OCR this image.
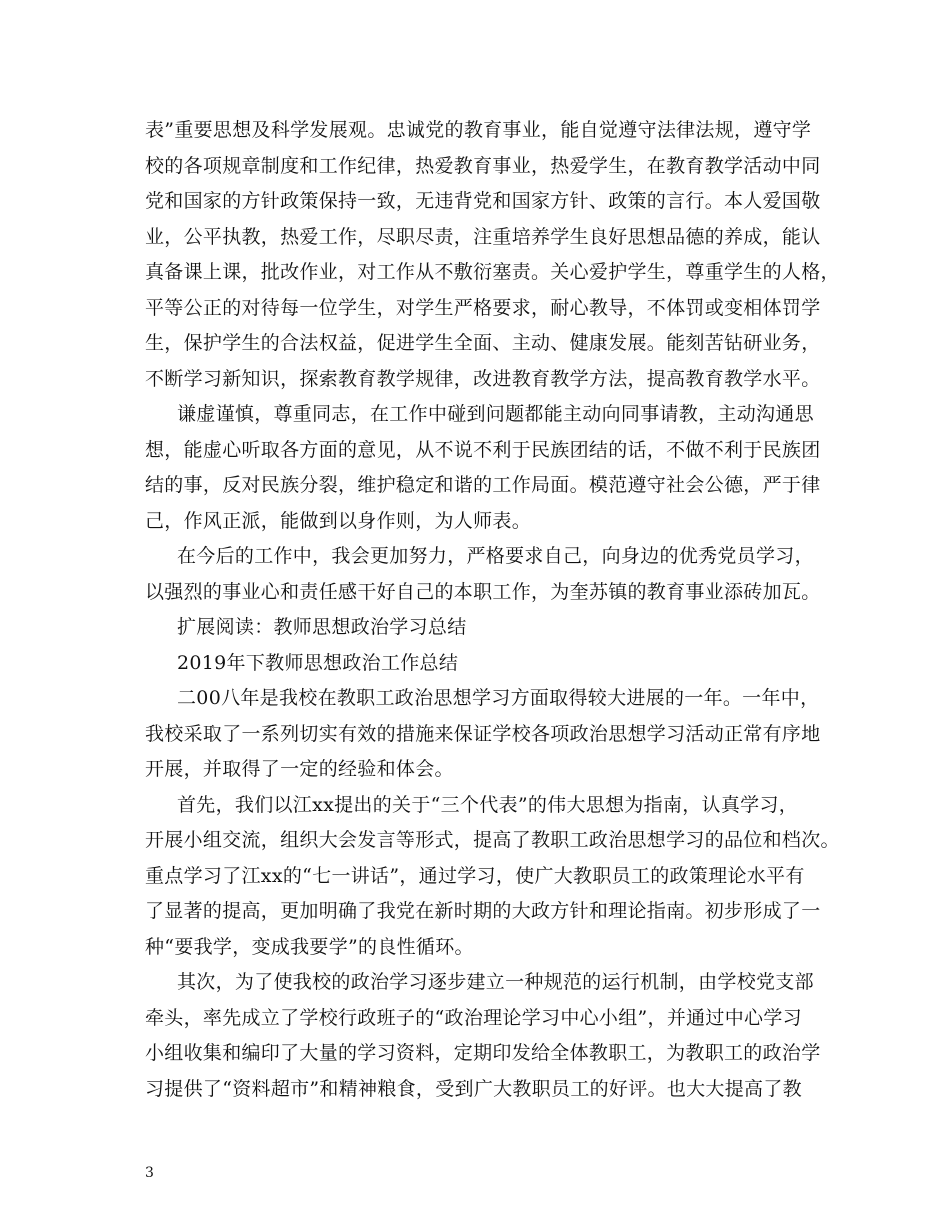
表”重要思想及科学发展观。忠诚党的教育事业，能自觉遵守法律法规，遵守学
校的各项规章制度和工作纪律，热爱教育事业，热爱学生，在教育教学活动中同
党和国家的方针政策保持一致，无违背党和国家方针、政策的言行。本人爱国敬
业，公平执教，热爱工作，尽职尽责，注重培养学生良好思想品德的养成，能认
真备课上课，批改作业，对工作从不敷衍塞责。关心爱护学生，尊重学生的人格，
平等公正的对待每一位学生，对学生严格要求，耐心教导，不体罚或变相体罚学
生，保护学生的合法权益，促进学生全面、主动、健康发展。能刻苦钻研业务，
不断学习新知识，探索教育教学规律，改进教育教学方法，提高教育教学水平。
谦虚谨慎，尊重同志，在工作中碰到问题都能主动向同事请教，主动沟通思
想，能虚心听取各方面的意见，从不说不利于民族团结的话，不做不利于民族团
结的事，反对民族分裂，维护稳定和谐的工作局面。模范遵守社会公德，严于律
己，作风正派，能做到以身作则，为人师表。
在今后的工作中，我会更加努力，严格要求自己，向身边的优秀党员学习，
以强烈的事业心和责任感干好自己的本职工作，为奎苏镇的教育事业添砖加瓦。
扩展阅读：教师思想政治学习总结
2019年下教师思想政治工作总结
二00八年是我校在教职工政治思想学习方面取得较大进展的一年。一年中，
我校采取了一系列切实有效的措施来保证学校各项政治思想学习活动正常有序地
开展，并取得了一定的经验和体会。
首先，我们以江xx提出的关于“三个代表”的伟大思想为指南，认真学习，
开展小组交流，组织大会发言等形式，提高了教职工政治思想学习的品位和档次。
重点学习了江xx的“七一讲话”，通过学习，使广大教职员工的政策理论水平有
了显著的提高，更加明确了我党在新时期的大政方针和理论指南。初步形成了一
种“要我学，变成我要学”的良性循环。
其次，为了使我校的政治学习逐步建立一种规范的运行机制，由学校党支部
牵头，率先成立了学校行政班子的“政治理论学习中心小组”，并通过中心学习
小组收集和编印了大量的学习资料，定期印发给全体教职工，为教职工的政治学
习提供了“资料超市”和精神粮食，受到广大教职员工的好评。也大大提高了教
3
